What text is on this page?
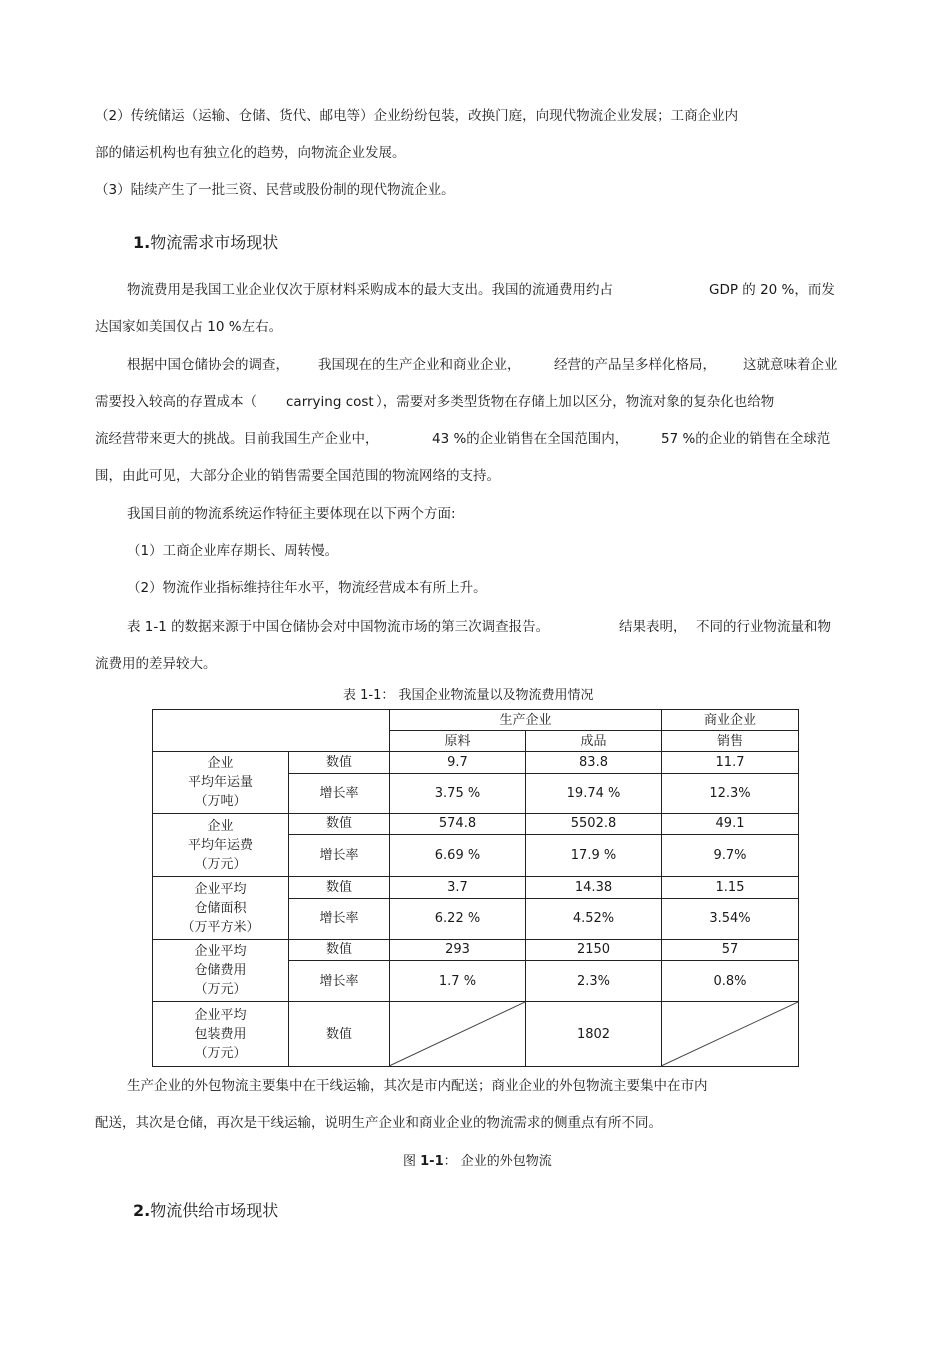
（2）传统储运（运输、仓储、货代、邮电等）企业纷纷包装，改换门庭，向现代物流企业发展；工商企业内
部的储运机构也有独立化的趋势，向物流企业发展。
（3）陆续产生了一批三资、民营或股份制的现代物流企业。
1.物流需求市场现状
物流费用是我国工业企业仅次于原材料采购成本的最大支出。我国的流通费用约占	GDP 的 20 %，而发
达国家如美国仅占 10 %左右。
根据中国仓储协会的调查， 我国现在的生产企业和商业企业， 经营的产品呈多样化格局， 这就意味着企业
需要投入较高的存置成本（ carrying cost ），需要对多类型货物在存储上加以区分，物流对象的复杂化也给物
流经营带来更大的挑战。目前我国生产企业中，	43 %的企业销售在全国范围内， 57 %的企业的销售在全球范
围，由此可见，大部分企业的销售需要全国范围的物流网络的支持。
我国目前的物流系统运作特征主要体现在以下两个方面:
（1）工商企业库存期长、周转慢。
（2）物流作业指标维持往年水平，物流经营成本有所上升。
表 1-1 的数据来源于中国仓储协会对中国物流市场的第三次调查报告。	结果表明， 不同的行业物流量和物
流费用的差异较大。
表 1-1： 我国企业物流量以及物流费用情况
		生产企业		商业企业
		原料	成品	销售

企业
平均年运量
（万吨）	数值	9.7	83.8	11.7
	增长率	3.75 %	19.74 %	12.3%

企业
平均年运费
（万元）	数值	574.8	5502.8	49.1
	增长率	6.69 %	17.9 %	9.7%

企业平均
仓储面积
（万平方米）	数值	3.7	14.38	1.15
	增长率	6.22 %	4.52%	3.54%

企业平均
仓储费用
（万元）	数值	293	2150	57
	增长率	1.7 %	2.3%	0.8%

企业平均
包装费用
（万元）	数值		1802	
生产企业的外包物流主要集中在干线运输，其次是市内配送；商业企业的外包物流主要集中在市内
配送，其次是仓储，再次是干线运输，说明生产企业和商业企业的物流需求的侧重点有所不同。
图 1-1： 企业的外包物流
2.物流供给市场现状
